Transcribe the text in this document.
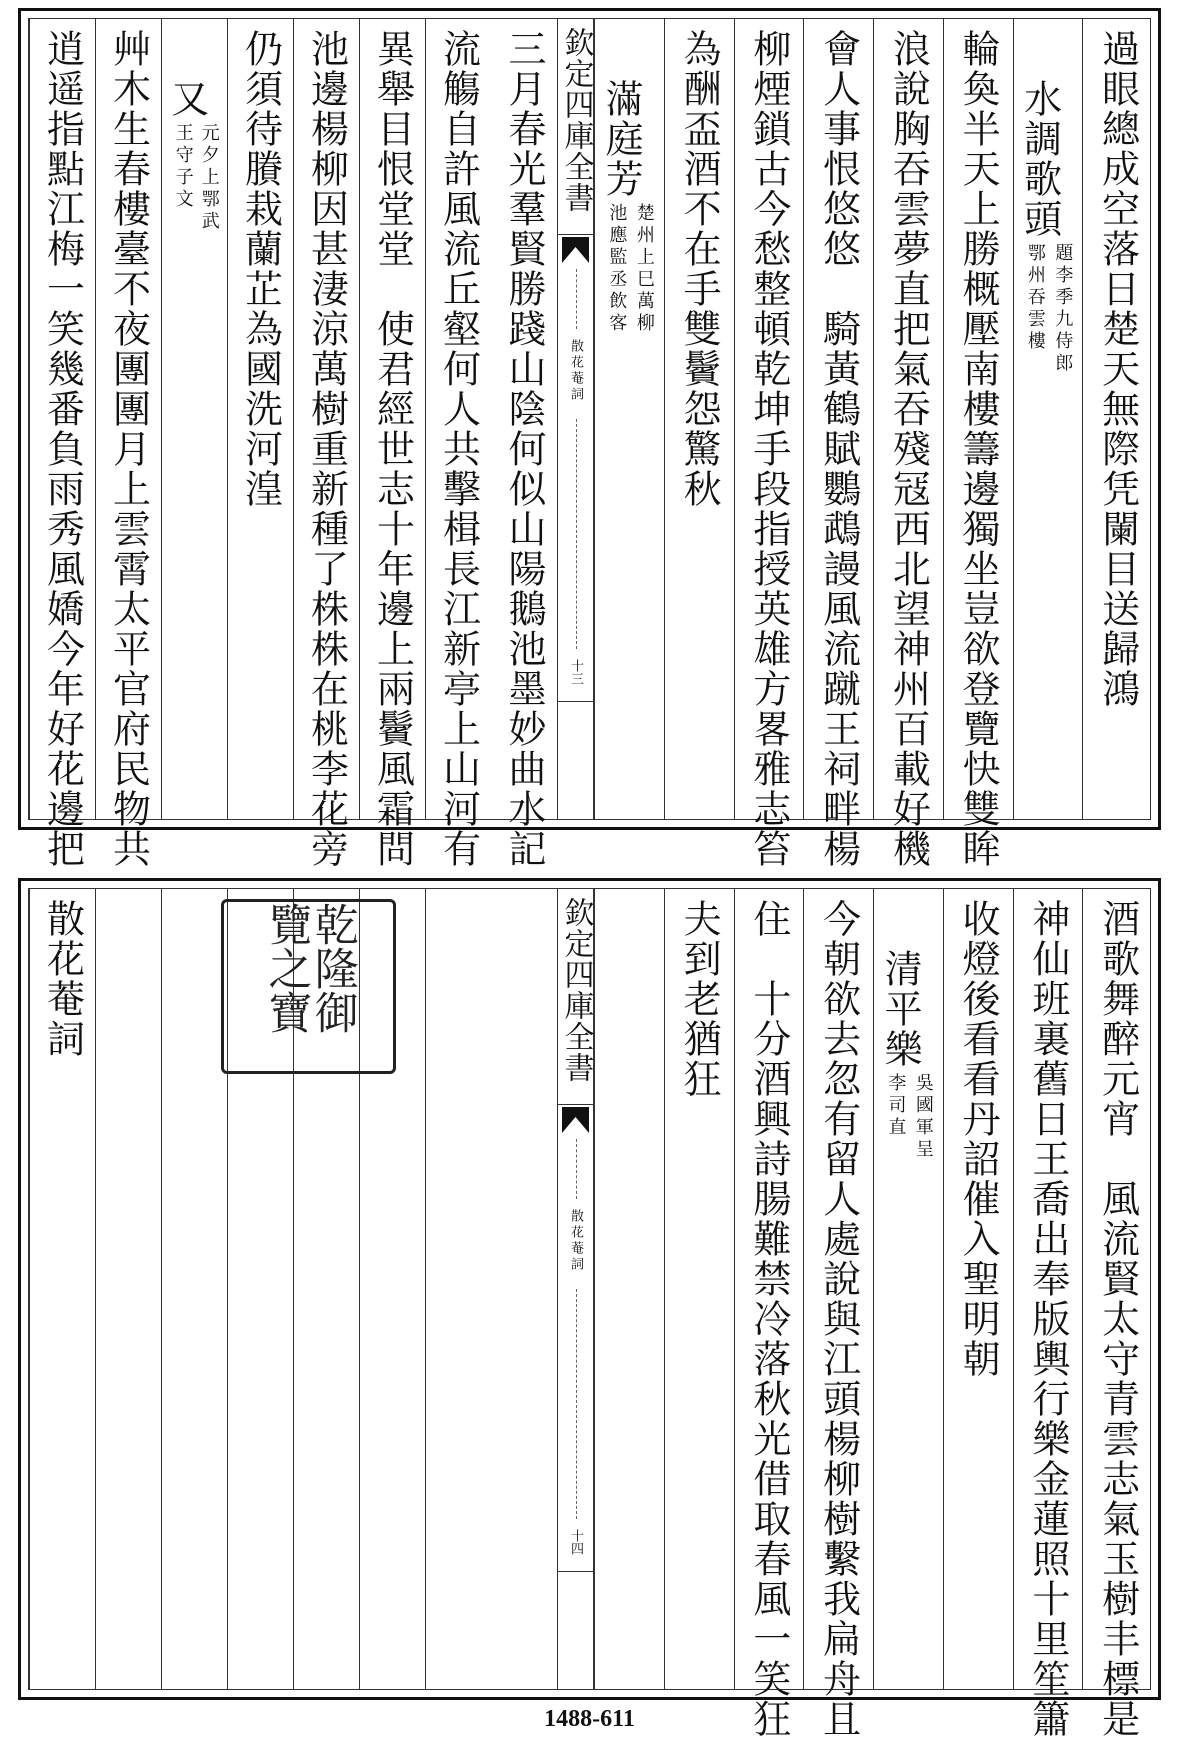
三月春光羣賢勝踐山陰何似山陽鵝池墨妙曲水記
流觴自許風流丘壑何人共擊楫長江新亭上山河有
異舉目恨堂堂　使君經世志十年邊上兩鬢風霜問
池邊楊柳因甚淒涼萬樹重新種了株株在桃李花旁
仍須待賸栽蘭芷為國洗河湟
又
元夕上鄂武
王守子文
艸木生春樓臺不夜團團月上雲霄太平官府民物共
逍遥指點江梅一笑幾番負雨秀風嬌今年好花邊把	欽定四庫全書
散花菴詞
十三	過眼總成空落日楚天無際凭闌目送歸鴻
水調歌頭
題李季九侍郎
鄂州吞雲樓
輪奐半天上勝概壓南樓籌邊獨坐豈欲登覽快雙眸
浪說胸吞雲夢直把氣吞殘冦西北望神州百載好機
會人事恨悠悠　騎黃鶴賦鸚鵡謾風流蹴王祠畔楊
柳煙鎖古今愁整頓乾坤手段指授英雄方畧雅志笞
為酬盃酒不在手雙鬢怨驚秋
滿庭芳
楚州上巳萬柳
池應監丞飲客
散花菴詞	欽定四庫全書
散花菴詞
十四	酒歌舞醉元宵　風流賢太守青雲志氣玉樹丰標是
神仙班裏舊日王喬出奉版輿行樂金蓮照十里笙簫
收燈後看看丹詔催入聖明朝
清平樂
吳國軍呈
李司直
今朝欲去忽有留人處說與江頭楊柳樹繫我扁舟且
住　十分酒興詩腸難禁冷落秋光借取春風一笑狂
夫到老猶狂
乾隆御覽之寶
1488-611
